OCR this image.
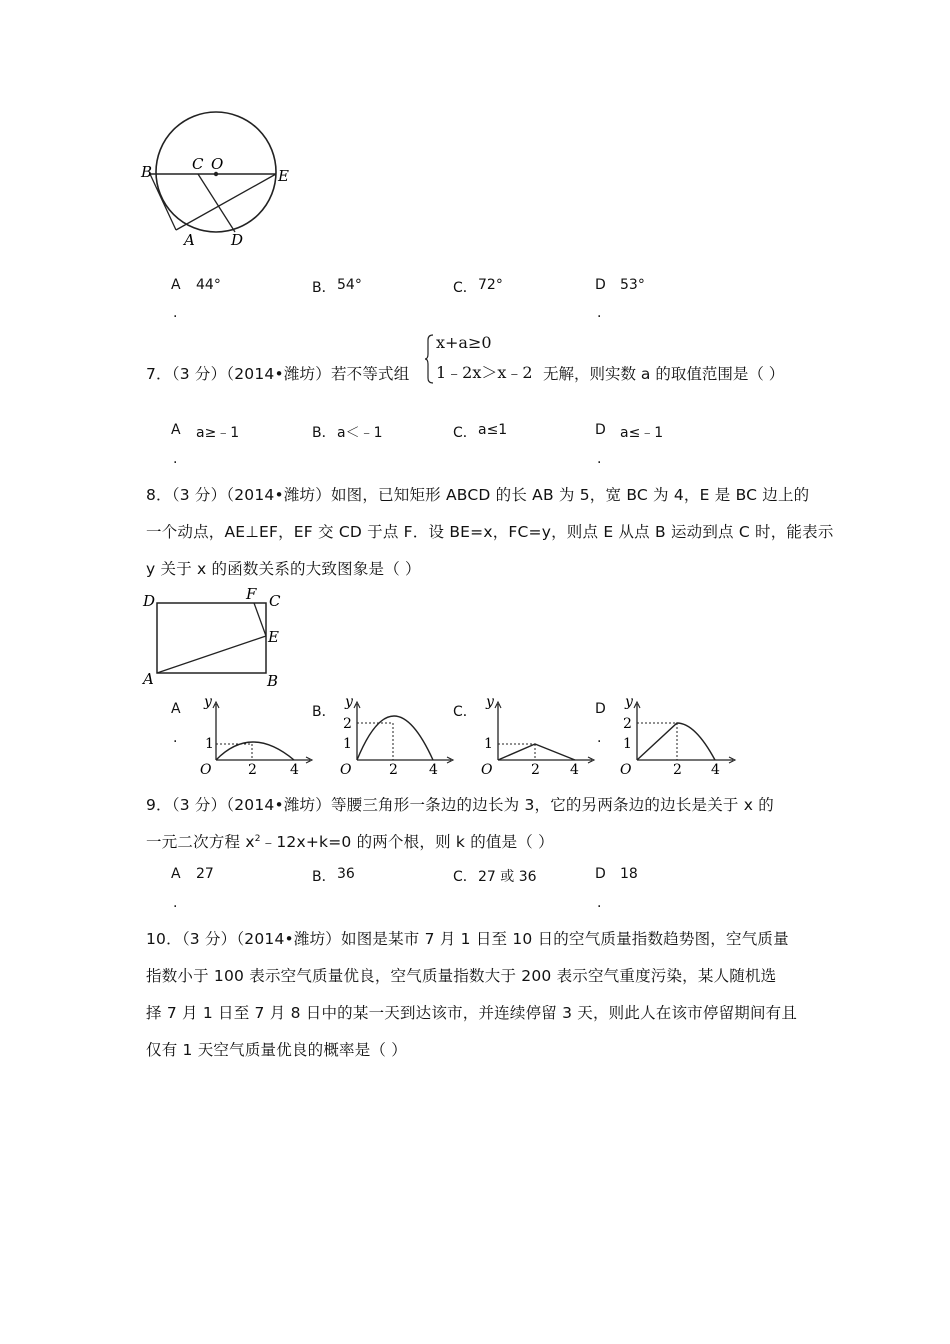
B	C O
E
A D
A 44°	B． 54°	C． 72°	D 53°
.	.
7．（3 分）（2014•潍坊）若不等式组
x+a≥0
1﹣2x＞x﹣2 无解，则实数 a 的取值范围是（ ）
A a≥﹣1	B． a＜﹣1	C． a≤1	D a≤﹣1
.	.
8．（3 分）（2014•潍坊）如图，已知矩形 ABCD 的长 AB 为 5，宽 BC 为 4，E 是 BC 边上的
一个动点，AE⊥EF，EF 交 CD 于点 F．设 BE=x，FC=y，则点 E 从点 B 运动到点 C 时，能表示
y 关于 x 的函数关系的大致图象是（ ）
D	F C
E
A	B
A	B．	C．	D
.	.
y
1
O	2 4
y
2
1
O	2 4
y
1
O	2 4
y
2
1
O	2 4
9．（3 分）（2014•潍坊）等腰三角形一条边的边长为 3，它的另两条边的边长是关于 x 的
一元二次方程 $x^2﹣12x+k=0$ 的两个根，则 k 的值是（ ）
A 27	B． 36	C． 27 或 36	D 18
.	.
10．（3 分）（2014•潍坊）如图是某市 7 月 1 日至 10 日的空气质量指数趋势图，空气质量
指数小于 100 表示空气质量优良，空气质量指数大于 200 表示空气重度污染，某人随机选
择 7 月 1 日至 7 月 8 日中的某一天到达该市，并连续停留 3 天，则此人在该市停留期间有且
仅有 1 天空气质量优良的概率是（ ）
